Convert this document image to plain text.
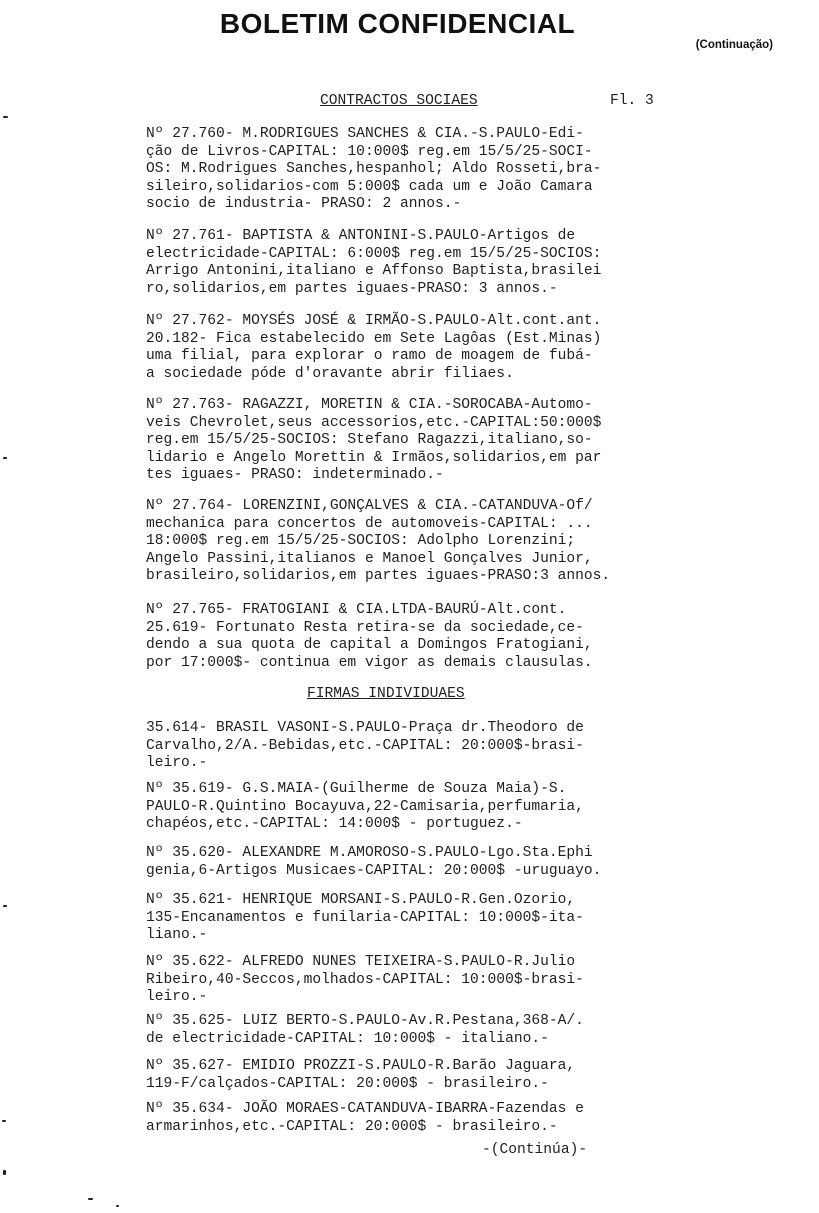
BOLETIM CONFIDENCIAL
(Continuação)
CONTRACTOS SOCIAES	Fl. 3
Nº 27.760- M.RODRIGUES SANCHES & CIA.-S.PAULO-Edi-
ção de Livros-CAPITAL: 10:000$ reg.em 15/5/25-SOCI-
OS: M.Rodrigues Sanches,hespanhol; Aldo Rosseti,bra-
sileiro,solidarios-com 5:000$ cada um e João Camara
socio de industria- PRASO: 2 annos.-
Nº 27.761- BAPTISTA & ANTONINI-S.PAULO-Artigos de
electricidade-CAPITAL: 6:000$ reg.em 15/5/25-SOCIOS:
Arrigo Antonini,italiano e Affonso Baptista,brasilei
ro,solidarios,em partes iguaes-PRASO: 3 annos.-
Nº 27.762- MOYSÉS JOSÉ & IRMÃO-S.PAULO-Alt.cont.ant.
20.182- Fica estabelecido em Sete Lagôas (Est.Minas)
uma filial, para explorar o ramo de moagem de fubá-
a sociedade póde d'oravante abrir filiaes.
Nº 27.763- RAGAZZI, MORETIN & CIA.-SOROCABA-Automo-
veis Chevrolet,seus accessorios,etc.-CAPITAL:50:000$
reg.em 15/5/25-SOCIOS: Stefano Ragazzi,italiano,so-
lidario e Angelo Morettin & Irmãos,solidarios,em par
tes iguaes- PRASO: indeterminado.-
Nº 27.764- LORENZINI,GONÇALVES & CIA.-CATANDUVA-Of/
mechanica para concertos de automoveis-CAPITAL: ...
18:000$ reg.em 15/5/25-SOCIOS: Adolpho Lorenzini;
Angelo Passini,italianos e Manoel Gonçalves Junior,
brasileiro,solidarios,em partes iguaes-PRASO:3 annos.
Nº 27.765- FRATOGIANI & CIA.LTDA-BAURÚ-Alt.cont.
25.619- Fortunato Resta retira-se da sociedade,ce-
dendo a sua quota de capital a Domingos Fratogiani,
por 17:000$- continua em vigor as demais clausulas.
FIRMAS INDIVIDUAES
35.614- BRASIL VASONI-S.PAULO-Praça dr.Theodoro de
Carvalho,2/A.-Bebidas,etc.-CAPITAL: 20:000$-brasi-
leiro.-
Nº 35.619- G.S.MAIA-(Guilherme de Souza Maia)-S.
PAULO-R.Quintino Bocayuva,22-Camisaria,perfumaria,
chapéos,etc.-CAPITAL: 14:000$ - portuguez.-
Nº 35.620- ALEXANDRE M.AMOROSO-S.PAULO-Lgo.Sta.Ephi
genia,6-Artigos Musicaes-CAPITAL: 20:000$ -uruguayo.
Nº 35.621- HENRIQUE MORSANI-S.PAULO-R.Gen.Ozorio,
135-Encanamentos e funilaria-CAPITAL: 10:000$-ita-
liano.-
Nº 35.622- ALFREDO NUNES TEIXEIRA-S.PAULO-R.Julio
Ribeiro,40-Seccos,molhados-CAPITAL: 10:000$-brasi-
leiro.-
Nº 35.625- LUIZ BERTO-S.PAULO-Av.R.Pestana,368-A/.
de electricidade-CAPITAL: 10:000$ - italiano.-
Nº 35.627- EMIDIO PROZZI-S.PAULO-R.Barão Jaguara,
119-F/calçados-CAPITAL: 20:000$ - brasileiro.-
Nº 35.634- JOÃO MORAES-CATANDUVA-IBARRA-Fazendas e
armarinhos,etc.-CAPITAL: 20:000$ - brasileiro.-
-(Continúa)-
